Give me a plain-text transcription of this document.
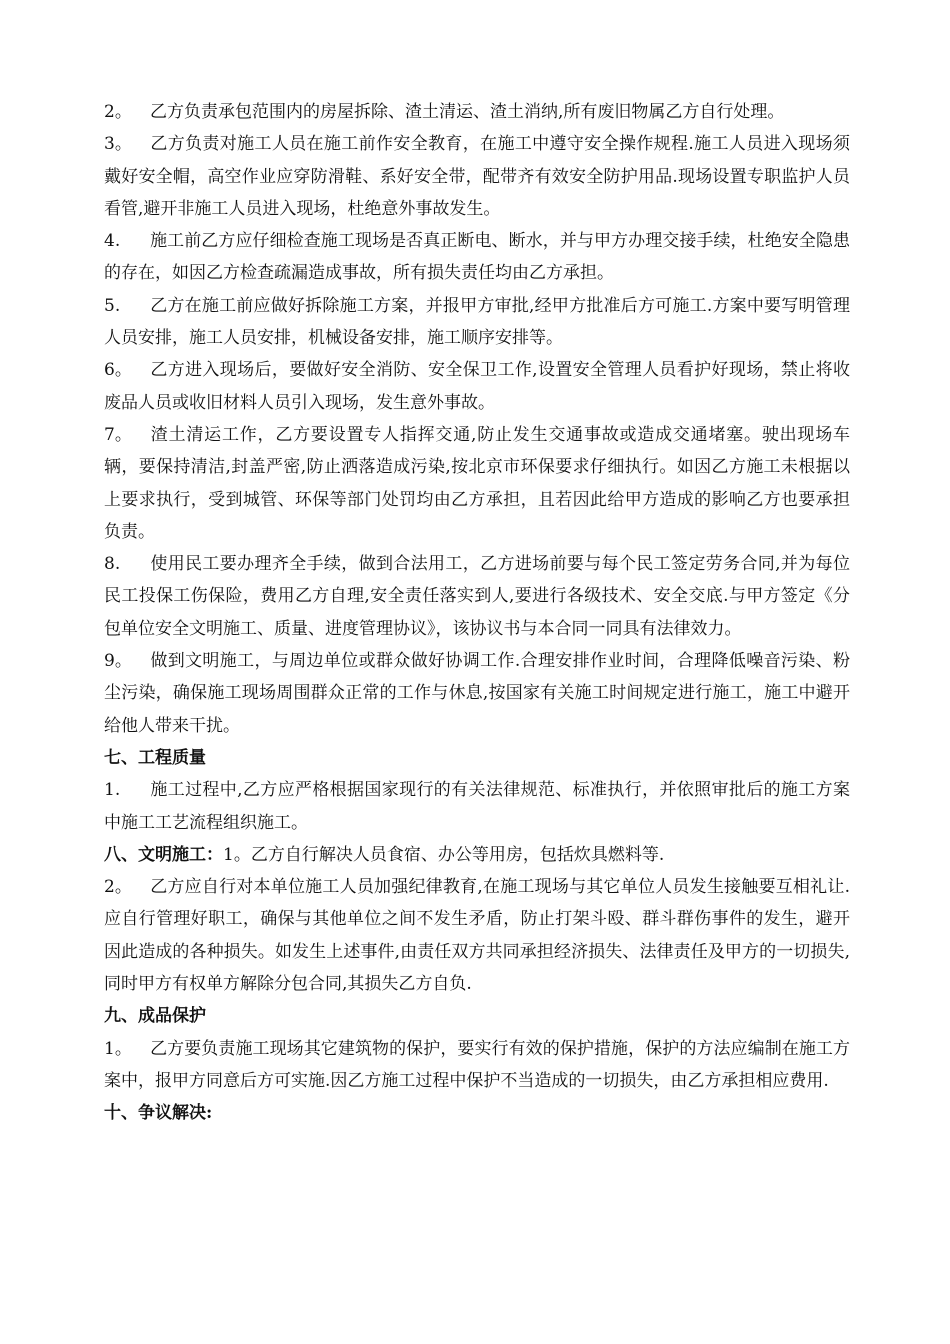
2。 乙方负责承包范围内的房屋拆除、渣土清运、渣土消纳,所有废旧物属乙方自行处理。

3。 乙方负责对施工人员在施工前作安全教育，在施工中遵守安全操作规程.施工人员进入现场须戴好安全帽，高空作业应穿防滑鞋、系好安全带，配带齐有效安全防护用品.现场设置专职监护人员看管,避开非施工人员进入现场，杜绝意外事故发生。

4. 施工前乙方应仔细检查施工现场是否真正断电、断水，并与甲方办理交接手续，杜绝安全隐患的存在，如因乙方检查疏漏造成事故，所有损失责任均由乙方承担。

5. 乙方在施工前应做好拆除施工方案，并报甲方审批,经甲方批准后方可施工.方案中要写明管理人员安排，施工人员安排，机械设备安排，施工顺序安排等。

6。 乙方进入现场后，要做好安全消防、安全保卫工作,设置安全管理人员看护好现场，禁止将收废品人员或收旧材料人员引入现场，发生意外事故。

7。 渣土清运工作，乙方要设置专人指挥交通,防止发生交通事故或造成交通堵塞。驶出现场车辆，要保持清洁,封盖严密,防止洒落造成污染,按北京市环保要求仔细执行。如因乙方施工未根据以上要求执行，受到城管、环保等部门处罚均由乙方承担，且若因此给甲方造成的影响乙方也要承担负责。

8. 使用民工要办理齐全手续，做到合法用工，乙方进场前要与每个民工签定劳务合同,并为每位民工投保工伤保险，费用乙方自理,安全责任落实到人,要进行各级技术、安全交底.与甲方签定《分包单位安全文明施工、质量、进度管理协议》，该协议书与本合同一同具有法律效力。

9。 做到文明施工，与周边单位或群众做好协调工作.合理安排作业时间，合理降低噪音污染、粉尘污染，确保施工现场周围群众正常的工作与休息,按国家有关施工时间规定进行施工，施工中避开给他人带来干扰。

七、工程质量

1. 施工过程中,乙方应严格根据国家现行的有关法律规范、标准执行，并依照审批后的施工方案中施工工艺流程组织施工。

八、文明施工：1。乙方自行解决人员食宿、办公等用房，包括炊具燃料等.

2。 乙方应自行对本单位施工人员加强纪律教育,在施工现场与其它单位人员发生接触要互相礼让.应自行管理好职工，确保与其他单位之间不发生矛盾，防止打架斗殴、群斗群伤事件的发生，避开因此造成的各种损失。如发生上述事件,由责任双方共同承担经济损失、法律责任及甲方的一切损失,同时甲方有权单方解除分包合同,其损失乙方自负.

九、成品保护

1。 乙方要负责施工现场其它建筑物的保护，要实行有效的保护措施，保护的方法应编制在施工方案中，报甲方同意后方可实施.因乙方施工过程中保护不当造成的一切损失，由乙方承担相应费用.

十、争议解决:
